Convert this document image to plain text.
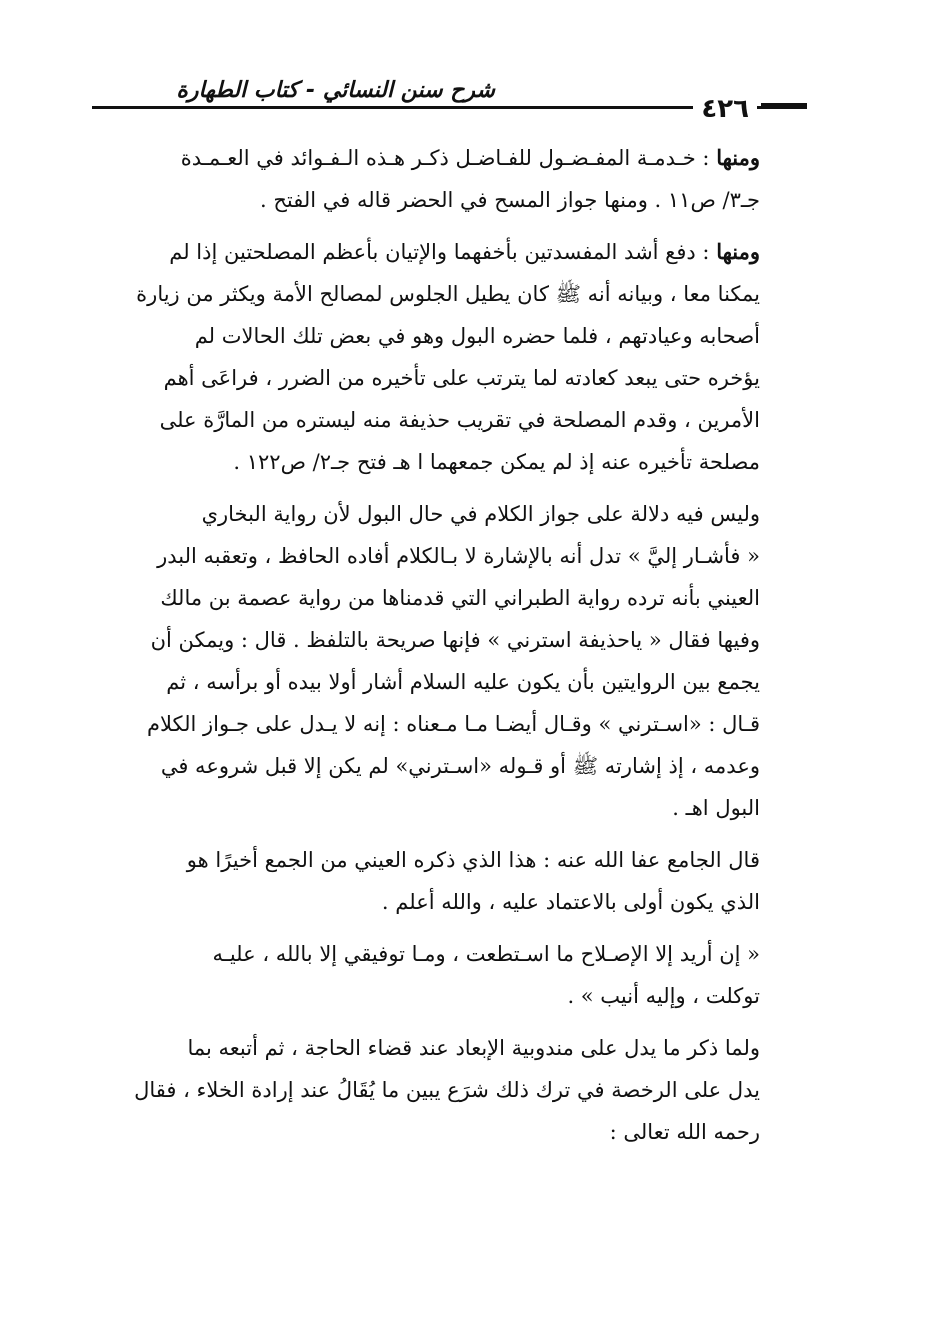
شرح سنن النسائي - كتاب الطهارة
٤٢٦
ومنها : خـدمـة المفـضـول للفـاضـل ذكـر هـذه الـفـوائد في العـمـدة
جـ٣/ ص١١ . ومنها جواز المسح في الحضر قاله في الفتح .
ومنها : دفع أشد المفسدتين بأخفهما والإتيان بأعظم المصلحتين إذا لم
يمكنا معا ، وبيانه أنه ﷺ كان يطيل الجلوس لمصالح الأمة ويكثر من زيارة
أصحابه وعيادتهم ، فلما حضره البول وهو في بعض تلك الحالات لم
يؤخره حتى يبعد كعادته لما يترتب على تأخيره من الضرر ، فراعَى أهم
الأمرين ، وقدم المصلحة في تقريب حذيفة منه ليستره من المارَّة على
مصلحة تأخيره عنه إذ لم يمكن جمعهما ا هـ فتح جـ٢/ ص١٢٢ .
وليس فيه دلالة على جواز الكلام في حال البول لأن رواية البخاري
« فأشـار إليَّ » تدل أنه بالإشارة لا بـالكلام أفاده الحافظ ، وتعقبه البدر
العيني بأنه ترده رواية الطبراني التي قدمناها من رواية عصمة بن مالك
وفيها فقال « ياحذيفة استرني » فإنها صريحة بالتلفظ . قال : ويمكن أن
يجمع بين الروايتين بأن يكون عليه السلام أشار أولا بيده أو برأسه ، ثم
قـال : «اسـترني » وقـال أيضـا مـا مـعناه : إنه لا يـدل على جـواز الكلام
وعدمه ، إذ إشارته ﷺ أو قـوله «اسـترني» لم يكن إلا قبل شروعه في
البول اهـ .
قال الجامع عفا الله عنه : هذا الذي ذكره العيني من الجمع أخيرًا هو
الذي يكون أولى بالاعتماد عليه ، والله أعلم .
« إن أريد إلا الإصـلاح ما اسـتطعت ، ومـا توفيقي إلا بالله ، عليـه
توكلت ، وإليه أنيب » .
ولما ذكر ما يدل على مندوبية الإبعاد عند قضاء الحاجة ، ثم أتبعه بما
يدل على الرخصة في ترك ذلك شرَع يبين ما يُقَالُ عند إرادة الخلاء ، فقال
رحمه الله تعالى :
